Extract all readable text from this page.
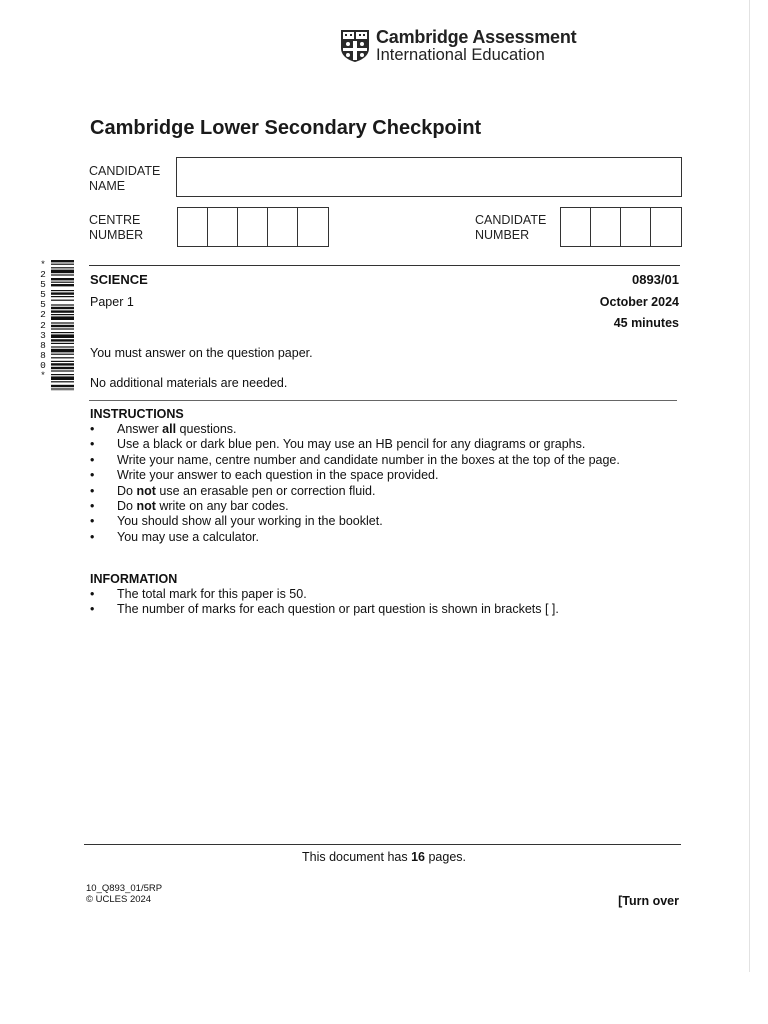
Cambridge Assessment
International Education
Cambridge Lower Secondary Checkpoint
CANDIDATE NAME
CENTRE NUMBER
CANDIDATE NUMBER
*
2
5
5
5
2
2
3
8
8
0
*
SCIENCE	0893/01
Paper 1	October 2024
45 minutes
You must answer on the question paper.
No additional materials are needed.
INSTRUCTIONS
• Answer all questions.
• Use a black or dark blue pen. You may use an HB pencil for any diagrams or graphs.
• Write your name, centre number and candidate number in the boxes at the top of the page.
• Write your answer to each question in the space provided.
• Do not use an erasable pen or correction fluid.
• Do not write on any bar codes.
• You should show all your working in the booklet.
• You may use a calculator.
INFORMATION
• The total mark for this paper is 50.
• The number of marks for each question or part question is shown in brackets [ ].
This document has 16 pages.
10_Q893_01/5RP
© UCLES 2024	[Turn over
